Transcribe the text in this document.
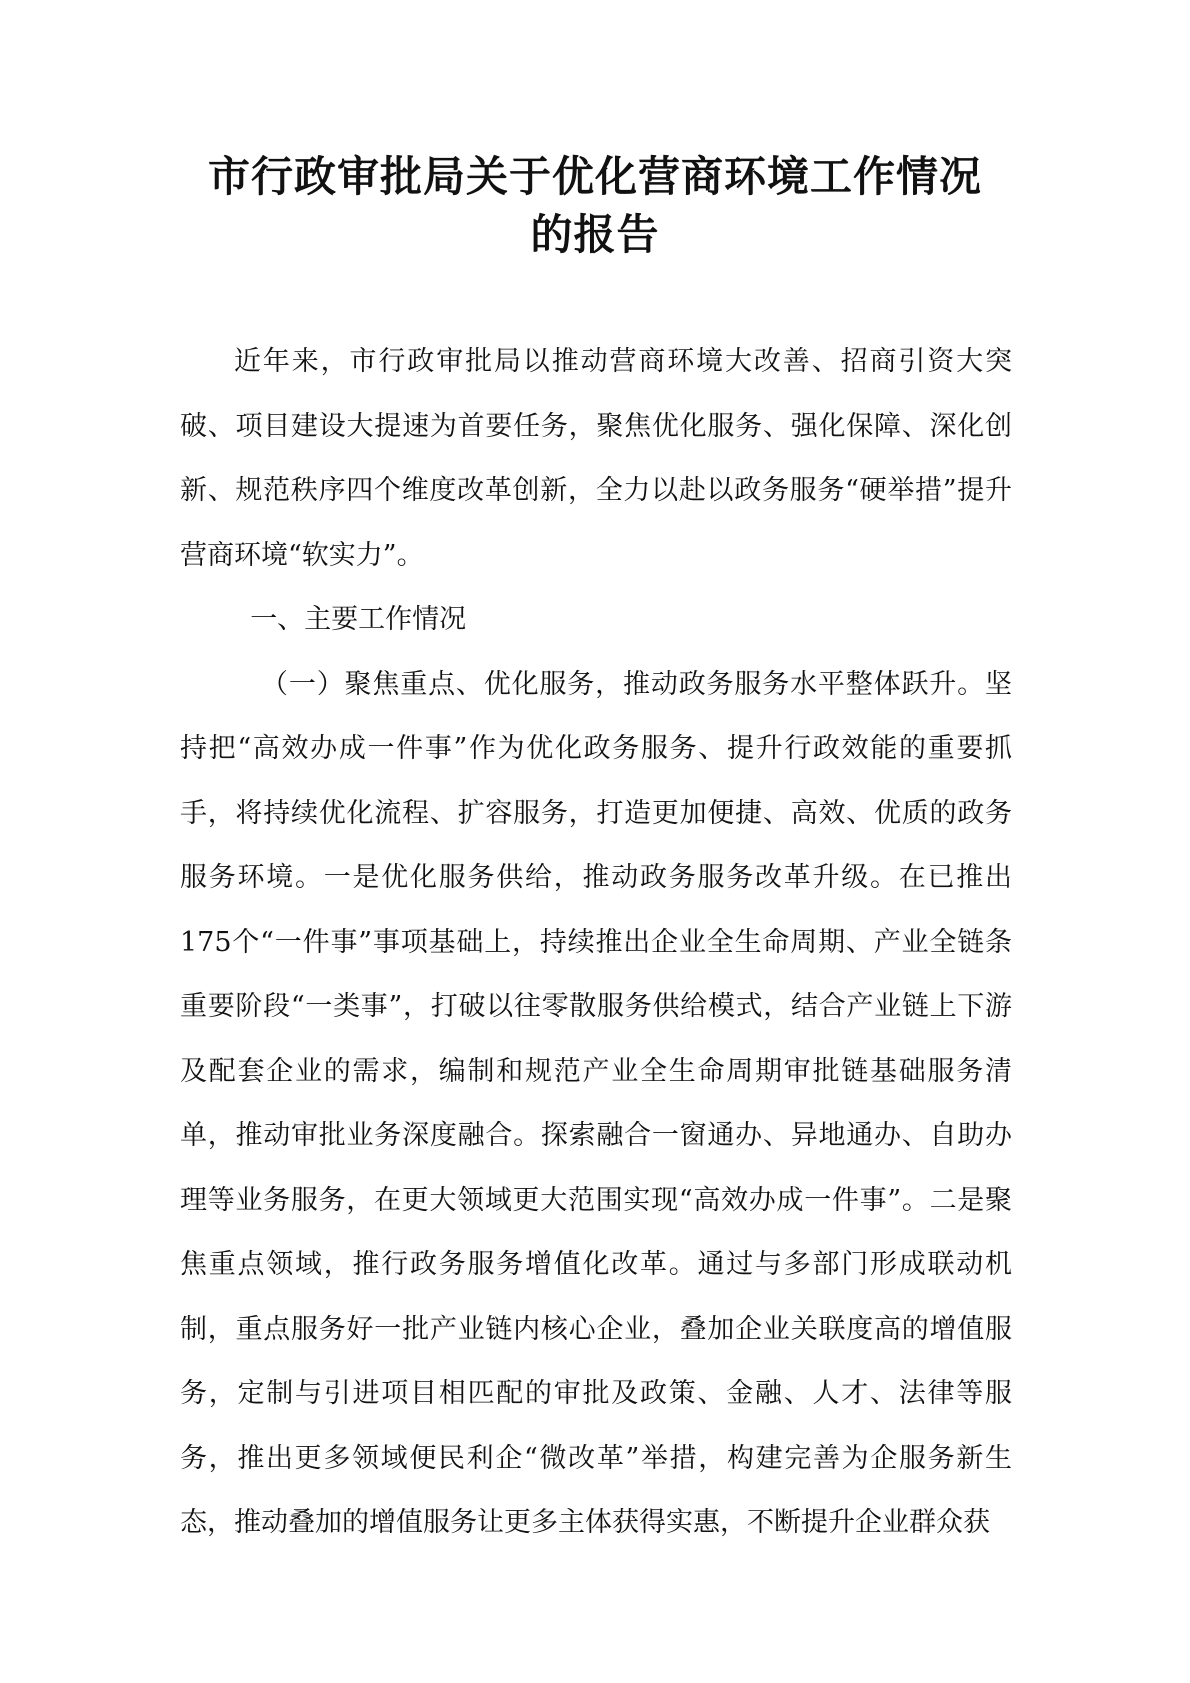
市行政审批局关于优化营商环境工作情况
的报告

近年来，市行政审批局以推动营商环境大改善、招商引资大突破、项目建设大提速为首要任务，聚焦优化服务、强化保障、深化创新、规范秩序四个维度改革创新，全力以赴以政务服务“硬举措”提升营商环境“软实力”。

一、主要工作情况

（一）聚焦重点、优化服务，推动政务服务水平整体跃升。坚持把“高效办成一件事”作为优化政务服务、提升行政效能的重要抓手，将持续优化流程、扩容服务，打造更加便捷、高效、优质的政务服务环境。一是优化服务供给，推动政务服务改革升级。在已推出175个“一件事”事项基础上，持续推出企业全生命周期、产业全链条重要阶段“一类事”，打破以往零散服务供给模式，结合产业链上下游及配套企业的需求，编制和规范产业全生命周期审批链基础服务清单，推动审批业务深度融合。探索融合一窗通办、异地通办、自助办理等业务服务，在更大领域更大范围实现“高效办成一件事”。二是聚焦重点领域，推行政务服务增值化改革。通过与多部门形成联动机制，重点服务好一批产业链内核心企业，叠加企业关联度高的增值服务，定制与引进项目相匹配的审批及政策、金融、人才、法律等服务，推出更多领域便民利企“微改革”举措，构建完善为企服务新生态，推动叠加的增值服务让更多主体获得实惠，不断提升企业群众获
